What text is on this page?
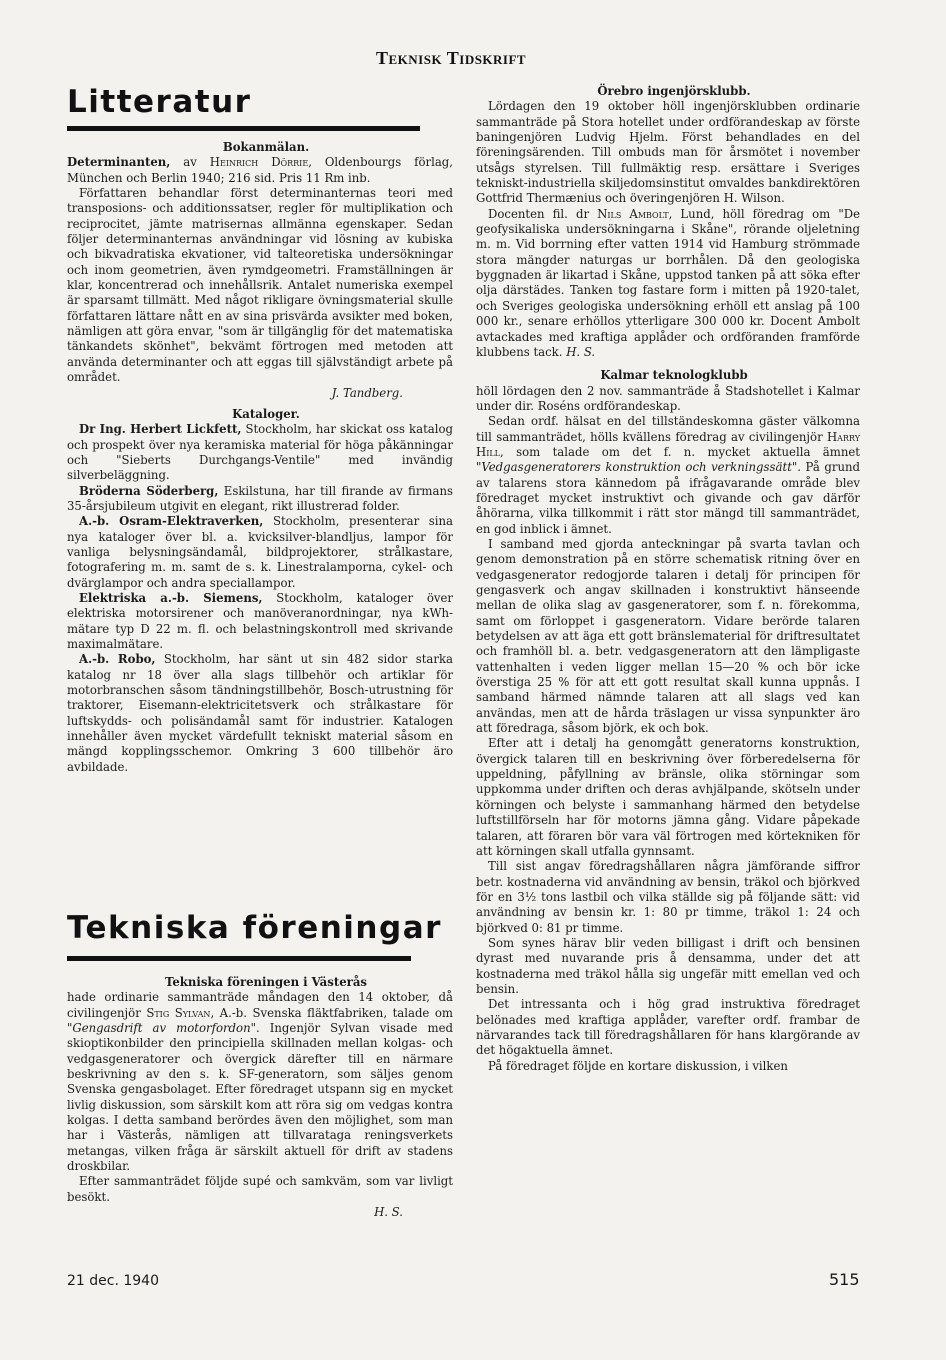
Teknisk Tidskrift
Litteratur

Bokanmälan.

Determinanten, av Heinrich Dörrie, Oldenbourgs förlag, München och Berlin 1940; 216 sid. Pris 11 Rm inb.

Författaren behandlar först determinanternas teori med transposions- och additionssatser, regler för multiplikation och reciprocitet, jämte matrisernas allmänna egenskaper. Sedan följer determinanternas användningar vid lösning av kubiska och bikvadratiska ekvationer, vid talteoretiska undersökningar och inom geometrien, även rymdgeometri. Framställningen är klar, koncentrerad och innehållsrik. Antalet numeriska exempel är sparsamt tillmätt. Med något rikligare övningsmaterial skulle författaren lättare nått en av sina prisvärda avsikter med boken, nämligen att göra envar, "som är tillgänglig för det matematiska tänkandets skönhet", bekvämt förtrogen med metoden att använda determinanter och att eggas till självständigt arbete på området.

J. Tandberg.

Kataloger.

Dr Ing. Herbert Lickfett, Stockholm, har skickat oss katalog och prospekt över nya keramiska material för höga påkänningar och "Sieberts Durchgangs-Ventile" med invändig silverbeläggning.

Bröderna Söderberg, Eskilstuna, har till firande av firmans 35-årsjubileum utgivit en elegant, rikt illustrerad folder.

A.-b. Osram-Elektraverken, Stockholm, presenterar sina nya kataloger över bl. a. kvicksilver-blandljus, lampor för vanliga belysningsändamål, bildprojektorer, strålkastare, fotografering m. m. samt de s. k. Linestralamporna, cykel- och dvärglampor och andra speciallampor.

Elektriska a.-b. Siemens, Stockholm, kataloger över elektriska motorsirener och manöveranordningar, nya kWh-mätare typ D 22 m. fl. och belastningskontroll med skrivande maximalmätare.

A.-b. Robo, Stockholm, har sänt ut sin 482 sidor starka katalog nr 18 över alla slags tillbehör och artiklar för motorbranschen såsom tändningstillbehör, Bosch-utrustning för traktorer, Eisemann-elektricitetsverk och strålkastare för luftskydds- och polisändamål samt för industrier. Katalogen innehåller även mycket värdefullt tekniskt material såsom en mängd kopplingsschemor. Omkring 3 600 tillbehör äro avbildade.

Tekniska föreningar

Tekniska föreningen i Västerås

hade ordinarie sammanträde måndagen den 14 oktober, då civilingenjör Stig Sylvan, A.-b. Svenska fläktfabriken, talade om "Gengasdrift av motorfordon". Ingenjör Sylvan visade med skioptikonbilder den principiella skillnaden mellan kolgas- och vedgasgeneratorer och övergick därefter till en närmare beskrivning av den s. k. SF-generatorn, som säljes genom Svenska gengasbolaget. Efter föredraget utspann sig en mycket livlig diskussion, som särskilt kom att röra sig om vedgas kontra kolgas. I detta samband berördes även den möjlighet, som man har i Västerås, nämligen att tillvarataga reningsverkets metangas, vilken fråga är särskilt aktuell för drift av stadens droskbilar.

Efter sammanträdet följde supé och samkväm, som var livligt besökt.

H. S.

Örebro ingenjörsklubb.

Lördagen den 19 oktober höll ingenjörsklubben ordinarie sammanträde på Stora hotellet under ordförandeskap av förste baningenjören Ludvig Hjelm. Först behandlades en del föreningsärenden. Till ombuds man för årsmötet i november utsågs styrelsen. Till fullmäktig resp. ersättare i Sveriges tekniskt-industriella skiljedomsinstitut omvaldes bankdirektören Gottfrid Thermænius och överingenjören H. Wilson.

Docenten fil. dr Nils Ambolt, Lund, höll föredrag om "De geofysikaliska undersökningarna i Skåne", rörande oljeletning m. m. Vid borrning efter vatten 1914 vid Hamburg strömmade stora mängder naturgas ur borrhålen. Då den geologiska byggnaden är likartad i Skåne, uppstod tanken på att söka efter olja därstädes. Tanken tog fastare form i mitten på 1920-talet, och Sveriges geologiska undersökning erhöll ett anslag på 100 000 kr., senare erhöllos ytterligare 300 000 kr. Docent Ambolt avtackades med kraftiga applåder och ordföranden framförde klubbens tack. H. S.

Kalmar teknologklubb

höll lördagen den 2 nov. sammanträde å Stadshotellet i Kalmar under dir. Roséns ordförandeskap.

Sedan ordf. hälsat en del tillständeskomna gäster välkomna till sammanträdet, hölls kvällens föredrag av civilingenjör Harry Hill, som talade om det f. n. mycket aktuella ämnet "Vedgasgeneratorers konstruktion och verkningssätt". På grund av talarens stora kännedom på ifrågavarande område blev föredraget mycket instruktivt och givande och gav därför åhörarna, vilka tillkommit i rätt stor mängd till sammanträdet, en god inblick i ämnet.

I samband med gjorda anteckningar på svarta tavlan och genom demonstration på en större schematisk ritning över en vedgasgenerator redogjorde talaren i detalj för principen för gengasverk och angav skillnaden i konstruktivt hänseende mellan de olika slag av gasgeneratorer, som f. n. förekomma, samt om förloppet i gasgeneratorn. Vidare berörde talaren betydelsen av att äga ett gott bränslematerial för driftresultatet och framhöll bl. a. betr. vedgasgeneratorn att den lämpligaste vattenhalten i veden ligger mellan 15—20 % och bör icke överstiga 25 % för att ett gott resultat skall kunna uppnås. I samband härmed nämnde talaren att all slags ved kan användas, men att de hårda träslagen ur vissa synpunkter äro att föredraga, såsom björk, ek och bok.

Efter att i detalj ha genomgått generatorns konstruktion, övergick talaren till en beskrivning över förberedelserna för uppeldning, påfyllning av bränsle, olika störningar som uppkomma under driften och deras avhjälpande, skötseln under körningen och belyste i sammanhang härmed den betydelse luftstillförseln har för motorns jämna gång. Vidare påpekade talaren, att föraren bör vara väl förtrogen med körtekniken för att körningen skall utfalla gynnsamt.

Till sist angav föredragshållaren några jämförande siffror betr. kostnaderna vid användning av bensin, träkol och björkved för en 3½ tons lastbil och vilka ställde sig på följande sätt: vid användning av bensin kr. 1: 80 pr timme, träkol 1: 24 och björkved 0: 81 pr timme.

Som synes härav blir veden billigast i drift och bensinen dyrast med nuvarande pris å densamma, under det att kostnaderna med träkol hålla sig ungefär mitt emellan ved och bensin.

Det intressanta och i hög grad instruktiva föredraget belönades med kraftiga applåder, varefter ordf. frambar de närvarandes tack till föredragshållaren för hans klargörande av det högaktuella ämnet.

På föredraget följde en kortare diskussion, i vilken

21 dec. 1940	515
